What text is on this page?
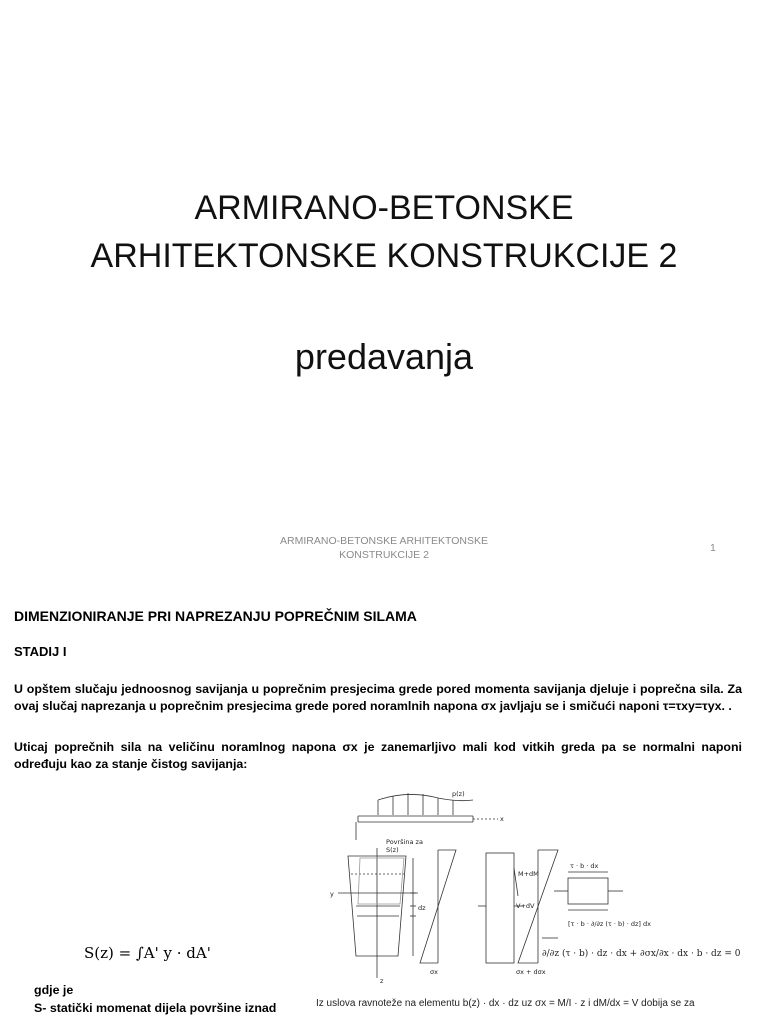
ARMIRANO-BETONSKE
ARHITEKTONSKE KONSTRUKCIJE 2
predavanja
ARMIRANO-BETONSKE ARHITEKTONSKE
KONSTRUKCIJE 2
1
DIMENZIONIRANJE PRI NAPREZANJU POPREČNIM SILAMA
STADIJ I
U opštem slučaju jednoosnog savijanja u poprečnim presjecima grede pored momenta savijanja djeluje i poprečna sila. Za ovaj slučaj naprezanja u poprečnim presjecima grede pored noramlnih napona σx javljaju se i smičući naponi τ=τxy=τyx. .
Uticaj poprečnih sila na veličinu noramlnog napona σx je zanemarljivo mali kod vitkih greda pa se normalni naponi određuju kao za stanje čistog savijanja:
p(z)
x
Površina za
S(z)
y
z
dz
σx
M+dM
V+dV
σx + dσx
τ · b · dx
[τ · b · ∂/∂z (τ · b) · dz] dx
∂/∂z (τ · b) · dz · dx + ∂σx/∂x · dx · b · dz = 0
S(z) = ∫A' y · dA'
gdje je
S- statički momenat dijela površine iznad	Iz uslova ravnoteže na elementu b(z) · dx · dz uz σx = M/I · z i dM/dx = V dobija se za
